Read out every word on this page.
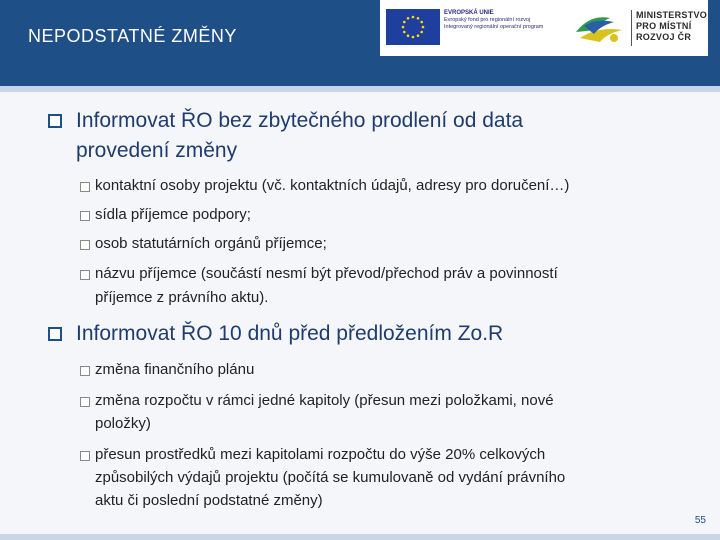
NEPODSTATNÉ ZMĚNY
EVROPSKÁ UNIE
Evropský fond pro regionální rozvoj
Integrovaný regionální operační program
MINISTERSTVO
PRO MÍSTNÍ
ROZVOJ ČR
Informovat ŘO bez zbytečného prodlení od data
provedení změny
kontaktní osoby projektu (vč. kontaktních údajů, adresy pro doručení…)
sídla příjemce podpory;
osob statutárních orgánů příjemce;
názvu příjemce (součástí nesmí být převod/přechod práv a povinností
příjemce z právního aktu).
Informovat ŘO 10 dnů před předložením Zo.R
změna finančního plánu
změna rozpočtu v rámci jedné kapitoly (přesun mezi položkami, nové
položky)
přesun prostředků mezi kapitolami rozpočtu do výše 20% celkových
způsobilých výdajů projektu (počítá se kumulovaně od vydání právního
aktu či poslední podstatné změny)
55
